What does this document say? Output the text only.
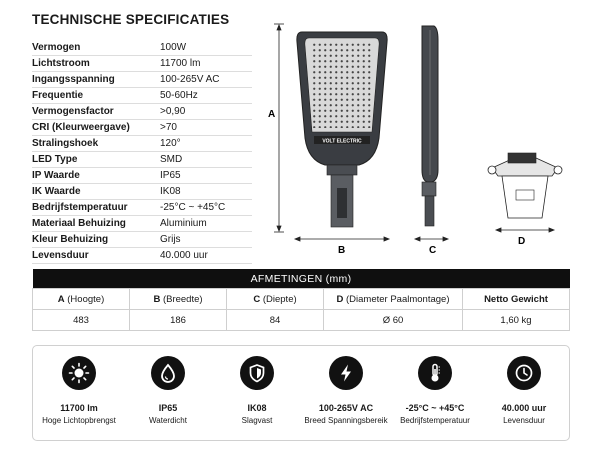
TECHNISCHE SPECIFICATIES
Vermogen	100W
Lichtstroom	11700 lm
Ingangsspanning	100-265V AC
Frequentie	50-60Hz
Vermogensfactor	>0,90
CRI (Kleurweergave)	>70
Stralingshoek	120°
LED Type	SMD
IP Waarde	IP65
IK Waarde	IK08
Bedrijfstemperatuur	-25°C ~ +45°C
Materiaal Behuizing	Aluminium
Kleur Behuizing	Grijs
Levensduur	40.000 uur
A
VOLT ELECTRIC
B	C
D
AFMETINGEN (mm)				
A (Hoogte)	B (Breedte)	C (Diepte)	D (Diameter Paalmontage)	Netto Gewicht
483	186	84	Ø 60	1,60 kg
11700 lm
Hoge Lichtopbrengst
IP65
Waterdicht
IK08
Slagvast
100-265V AC
Breed Spanningsbereik
-25°C ~ +45°C
Bedrijfstemperatuur
40.000 uur
Levensduur
